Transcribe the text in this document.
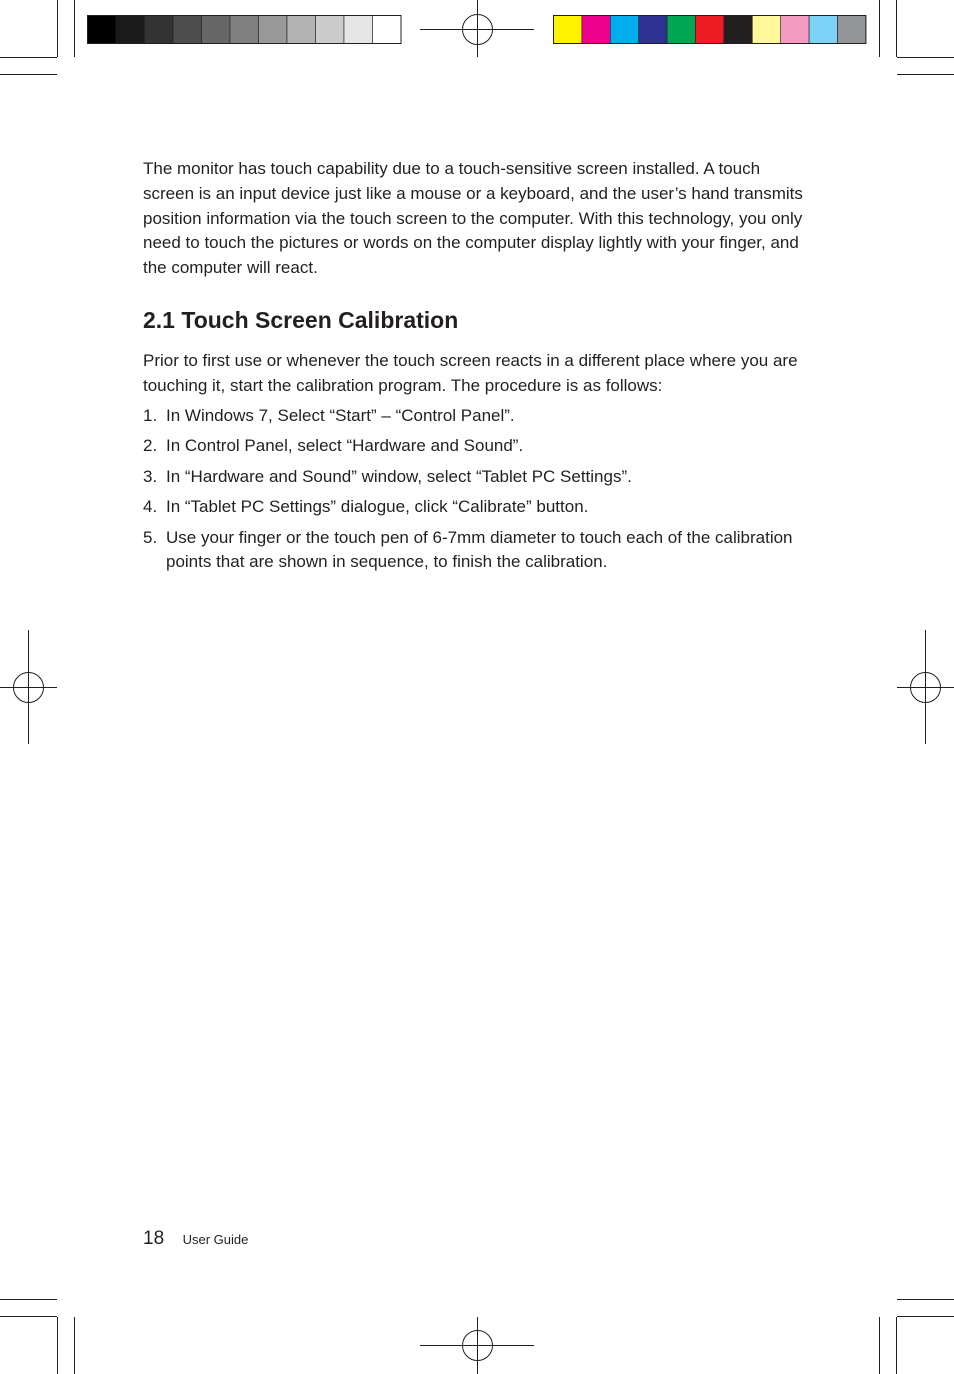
The monitor has touch capability due to a touch-sensitive screen installed. A touch screen is an input device just like a mouse or a keyboard, and the user’s hand transmits position information via the touch screen to the computer. With this technology, you only need to touch the pictures or words on the computer display lightly with your finger, and the computer will react.

2.1 Touch Screen Calibration

Prior to first use or whenever the touch screen reacts in a different place where you are touching it, start the calibration program. The procedure is as follows:

1. In Windows 7, Select “Start” – “Control Panel”.
2. In Control Panel, select “Hardware and Sound”.
3. In “Hardware and Sound” window, select “Tablet PC Settings”.
4. In “Tablet PC Settings” dialogue, click “Calibrate” button.
5. Use your finger or the touch pen of 6-7mm diameter to touch each of the calibration points that are shown in sequence, to finish the calibration.
18 User Guide
